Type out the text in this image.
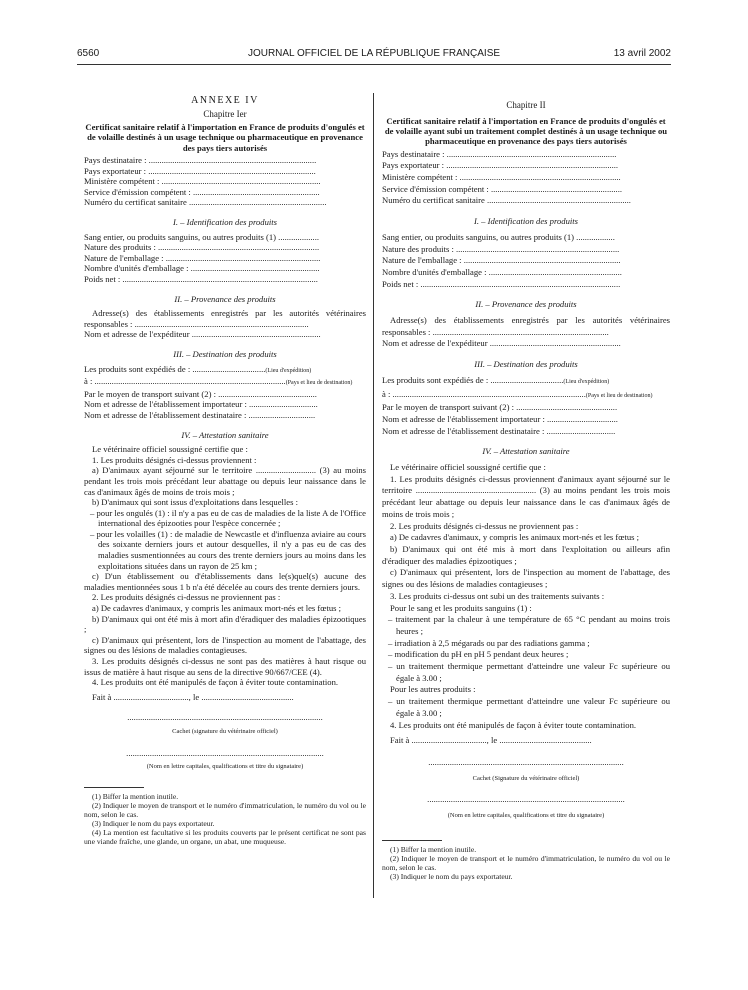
6560	JOURNAL OFFICIEL DE LA RÉPUBLIQUE FRANÇAISE	13 avril 2002
ANNEXE IV
Chapitre Ier
Certificat sanitaire relatif à l'importation en France de produits d'ongulés et de volaille destinés à un usage technique ou pharmaceutique en provenance des pays tiers autorisés
Pays destinataire : ..............................................................................
Pays exportateur : ..............................................................................
Ministère compétent : ..........................................................................
Service d'émission compétent : ...........................................................
Numéro du certificat sanitaire ................................................................
I. – Identification des produits
Sang entier, ou produits sanguins, ou autres produits (1) ...................
Nature des produits : ...........................................................................
Nature de l'emballage : ........................................................................
Nombre d'unités d'emballage : ............................................................
Poids net : ...........................................................................................
II. – Provenance des produits
Adresse(s) des établissements enregistrés par les autorités vétérinaires responsables : .................................................................................
Nom et adresse de l'expéditeur ............................................................
III. – Destination des produits
Les produits sont expédiés de : ..................................(Lieu d'expédition)
à : .........................................................................................(Pays et lieu de destination)
Par le moyen de transport suivant (2) : ..............................................
Nom et adresse de l'établissement importateur : ................................
Nom et adresse de l'établissement destinataire : ...............................
IV. – Attestation sanitaire
Le vétérinaire officiel soussigné certifie que :
1. Les produits désignés ci-dessus proviennent :
a) D'animaux ayant séjourné sur le territoire ............................ (3) au moins pendant les trois mois précédant leur abattage ou depuis leur naissance dans le cas d'animaux âgés de moins de trois mois ;
b) D'animaux qui sont issus d'exploitations dans lesquelles :
– pour les ongulés (1) : il n'y a pas eu de cas de maladies de la liste A de l'Office international des épizooties pour l'espèce concernée ;
– pour les volailles (1) : de maladie de Newcastle et d'influenza aviaire au cours des soixante derniers jours et autour desquelles, il n'y a pas eu de cas des maladies susmentionnées au cours des trente derniers jours au moins dans les exploitations situées dans un rayon de 25 km ;
c) D'un établissement ou d'établissements dans le(s)quel(s) aucune des maladies mentionnées sous 1 b n'a été décelée au cours des trente derniers jours.
2. Les produits désignés ci-dessus ne proviennent pas :
a) De cadavres d'animaux, y compris les animaux mort-nés et les fœtus ;
b) D'animaux qui ont été mis à mort afin d'éradiquer des maladies épizootiques ;
c) D'animaux qui présentent, lors de l'inspection au moment de l'abattage, des signes ou des lésions de maladies contagieuses.
3. Les produits désignés ci-dessus ne sont pas des matières à haut risque ou issus de matière à haut risque au sens de la directive 90/667/CEE (4).
4. Les produits ont été manipulés de façon à éviter toute contamination.
Fait à ..................................., le ...........................................
...........................................................................................
Cachet (signature du vétérinaire officiel)
............................................................................................
(Nom en lettre capitales, qualifications et titre du signataire)
(1) Biffer la mention inutile.
(2) Indiquer le moyen de transport et le numéro d'immatriculation, le numéro du vol ou le nom, selon le cas.
(3) Indiquer le nom du pays exportateur.
(4) La mention est facultative si les produits couverts par le présent certificat ne sont pas une viande fraîche, une glande, un organe, un abat, une muqueuse.
Chapitre II
Certificat sanitaire relatif à l'importation en France de produits d'ongulés et de volaille ayant subi un traitement complet destinés à un usage technique ou pharmaceutique en provenance des pays tiers autorisés
Pays destinataire : ...............................................................................
Pays exportateur : ................................................................................
Ministère compétent : ...........................................................................
Service d'émission compétent : .............................................................
Numéro du certificat sanitaire ...................................................................
I. – Identification des produits
Sang entier, ou produits sanguins, ou autres produits (1) ..................
Nature des produits : ............................................................................
Nature de l'emballage : .........................................................................
Nombre d'unités d'emballage : ..............................................................
Poids net : .............................................................................................
II. – Provenance des produits
Adresse(s) des établissements enregistrés par les autorités vétérinaires responsables : ..................................................................................
Nom et adresse de l'expéditeur .............................................................
III. – Destination des produits
Les produits sont expédiés de : ..................................(Lieu d'expédition)
à : ..........................................................................................(Pays et lieu de destination)
Par le moyen de transport suivant (2) : ...............................................
Nom et adresse de l'établissement importateur : .................................
Nom et adresse de l'établissement destinataire : ................................
IV. – Attestation sanitaire
Le vétérinaire officiel soussigné certifie que :
1. Les produits désignés ci-dessus proviennent d'animaux ayant séjourné sur le territoire ........................................................ (3) au moins pendant les trois mois précédant leur abattage ou depuis leur naissance dans le cas d'animaux âgés de moins de trois mois ;
2. Les produits désignés ci-dessus ne proviennent pas :
a) De cadavres d'animaux, y compris les animaux mort-nés et les fœtus ;
b) D'animaux qui ont été mis à mort dans l'exploitation ou ailleurs afin d'éradiquer des maladies épizootiques ;
c) D'animaux qui présentent, lors de l'inspection au moment de l'abattage, des signes ou des lésions de maladies contagieuses ;
3. Les produits ci-dessus ont subi un des traitements suivants :
Pour le sang et les produits sanguins (1) :
– traitement par la chaleur à une température de 65 °C pendant au moins trois heures ;
– irradiation à 2,5 mégarads ou par des radiations gamma ;
– modification du pH en pH 5 pendant deux heures ;
– un traitement thermique permettant d'atteindre une valeur Fc supérieure ou égale à 3.00 ;
Pour les autres produits :
– un traitement thermique permettant d'atteindre une valeur Fc supérieure ou égale à 3.00 ;
4. Les produits ont été manipulés de façon à éviter toute contamination.
Fait à ..................................., le ...........................................
...........................................................................................
Cachet (Signature du vétérinaire officiel)
............................................................................................
(Nom en lettre capitales, qualifications et titre du signataire)
(1) Biffer la mention inutile.
(2) Indiquer le moyen de transport et le numéro d'immatriculation, le numéro du vol ou le nom, selon le cas.
(3) Indiquer le nom du pays exportateur.
